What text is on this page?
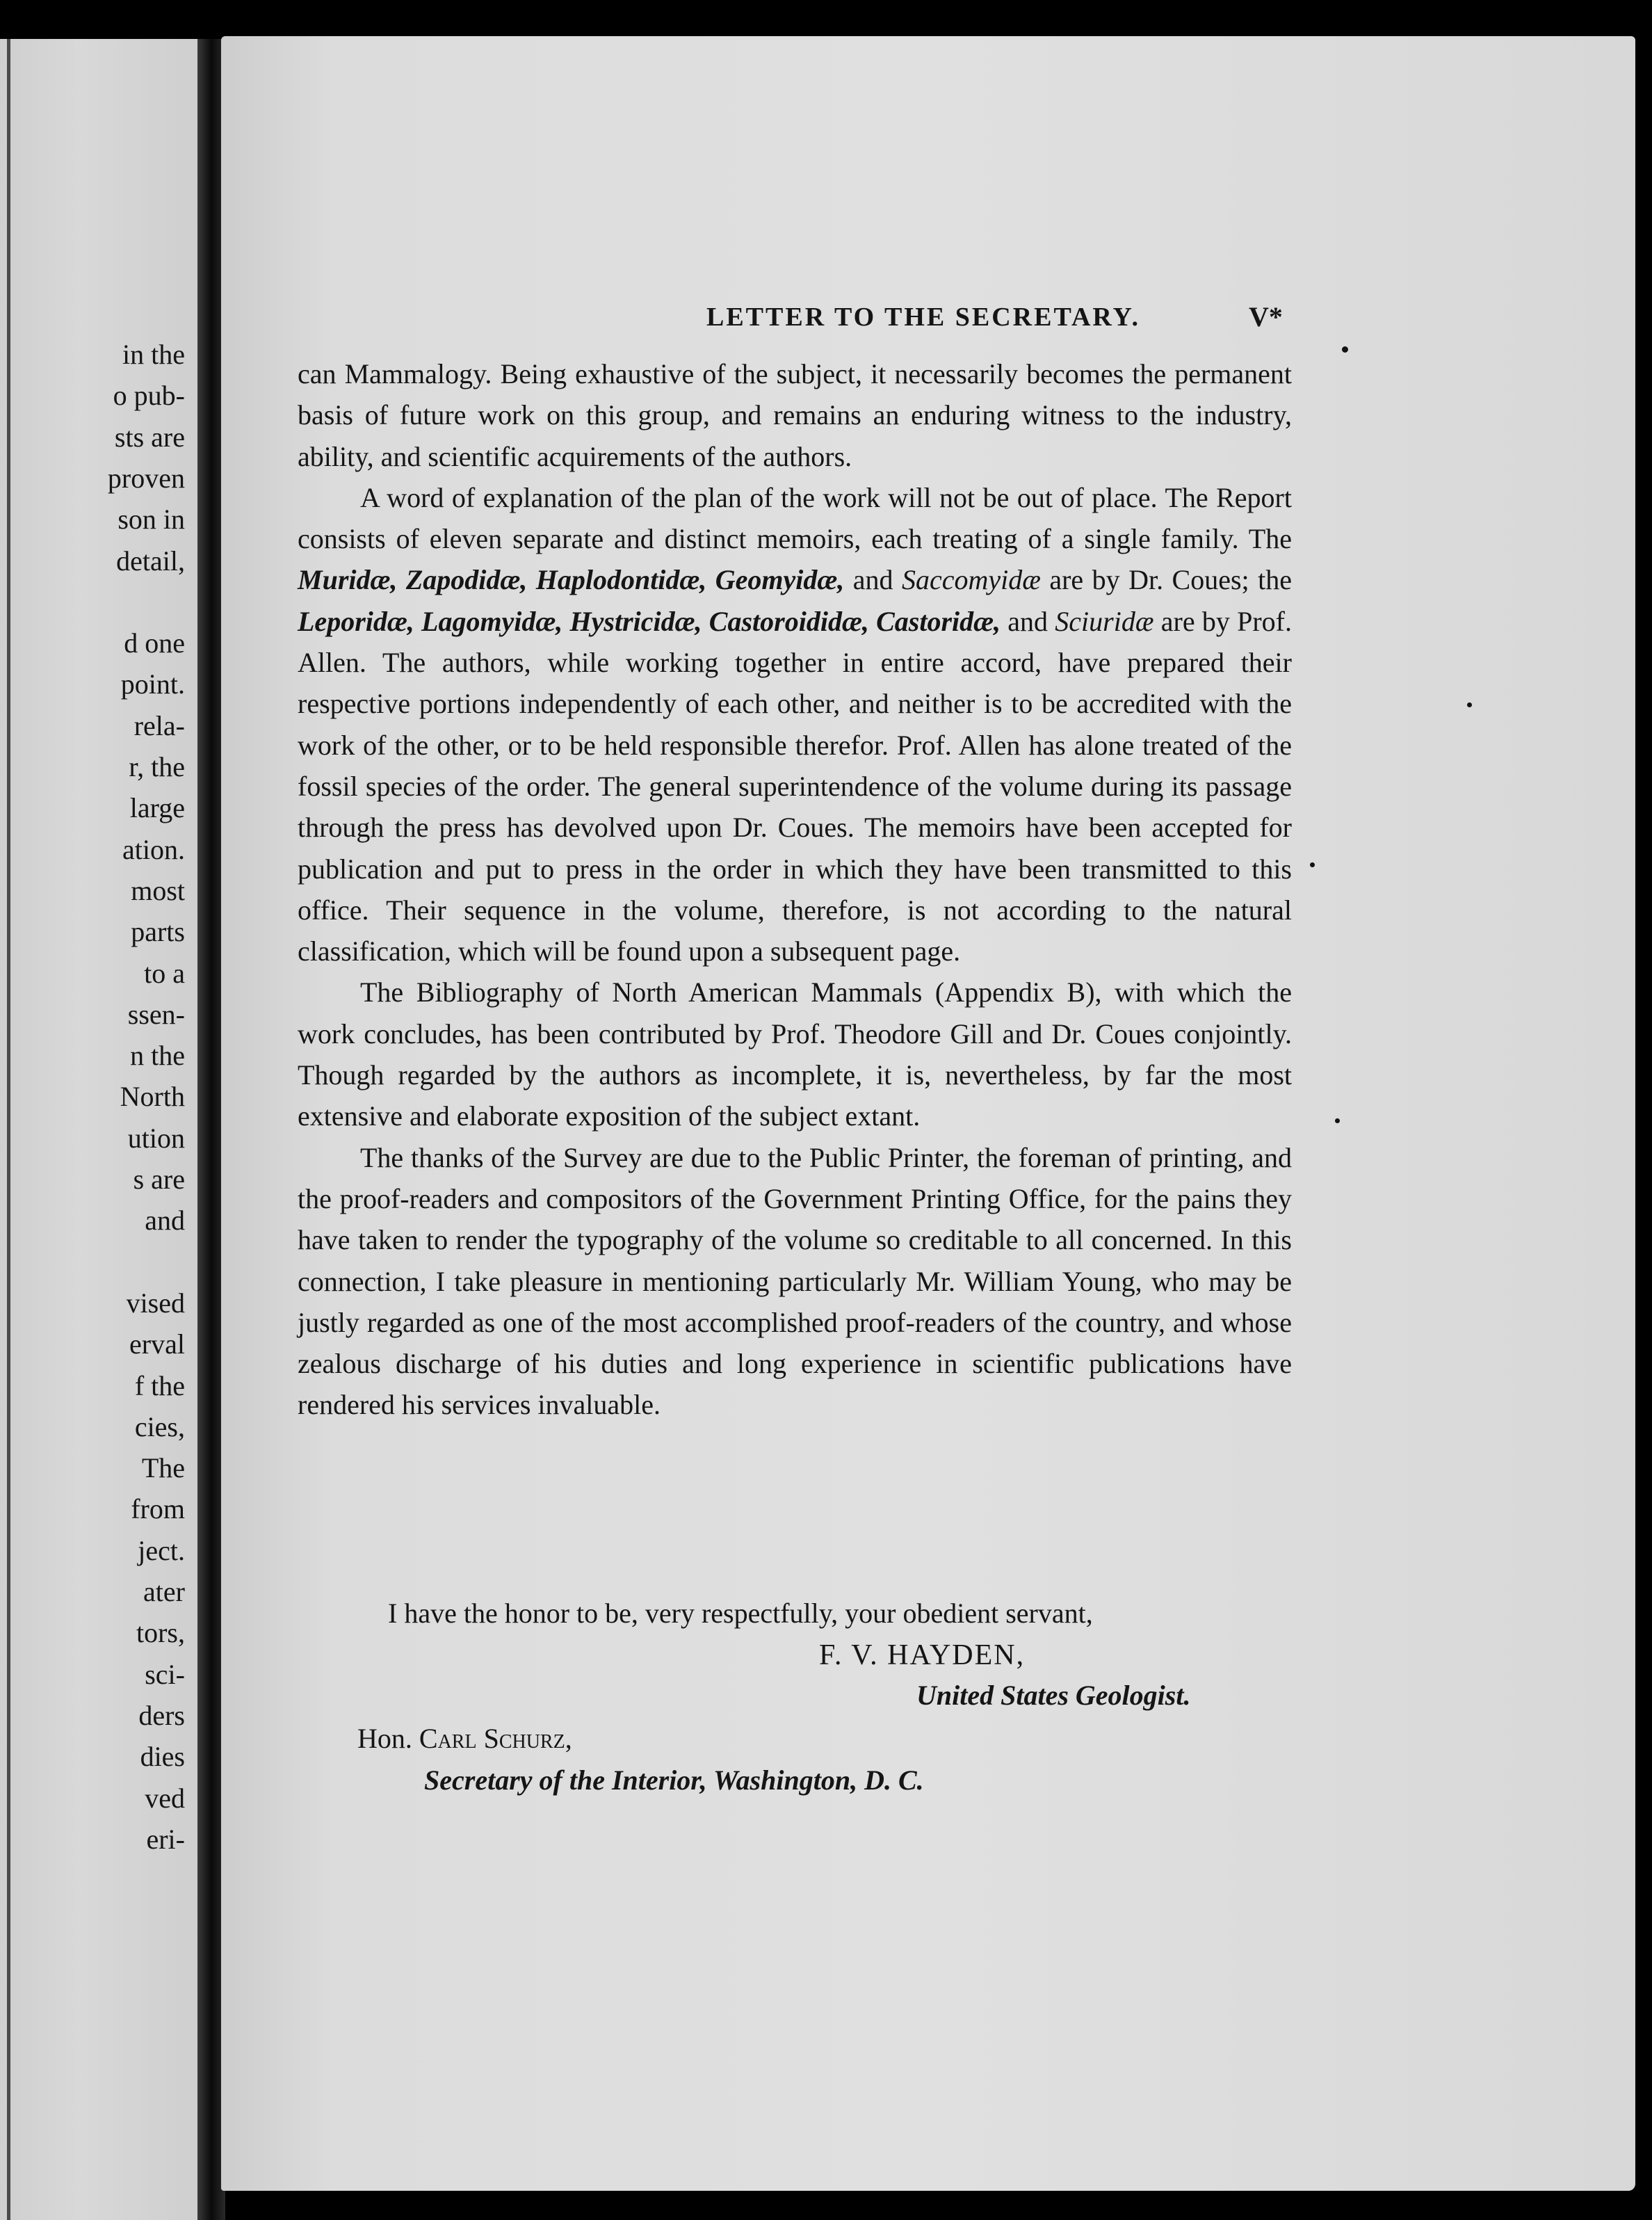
in the
o pub-
sts are
proven
son in
detail,
d one
point.
rela-
r, the
large
ation.
most
parts
to a
ssen-
n the
North
ution
s are
and
vised
erval
f the
cies,
The
from
ject.
ater
tors,
sci-
ders
dies
ved
eri-
LETTER TO THE SECRETARY.	V*

can Mammalogy. Being exhaustive of the subject, it necessarily becomes the permanent basis of future work on this group, and remains an enduring witness to the industry, ability, and scientific acquirements of the authors.

A word of explanation of the plan of the work will not be out of place. The Report consists of eleven separate and distinct memoirs, each treating of a single family. The Muridæ, Zapodidæ, Haplodontidæ, Geomyidæ, and Saccomyidæ are by Dr. Coues; the Leporidæ, Lagomyidæ, Hystricidæ, Castoroididæ, Castoridæ, and Sciuridæ are by Prof. Allen. The authors, while working together in entire accord, have prepared their respective portions independently of each other, and neither is to be accredited with the work of the other, or to be held responsible therefor. Prof. Allen has alone treated of the fossil species of the order. The general superintendence of the volume during its passage through the press has devolved upon Dr. Coues. The memoirs have been accepted for publication and put to press in the order in which they have been transmitted to this office. Their sequence in the volume, therefore, is not according to the natural classification, which will be found upon a subsequent page.

The Bibliography of North American Mammals (Appendix B), with which the work concludes, has been contributed by Prof. Theodore Gill and Dr. Coues conjointly. Though regarded by the authors as incomplete, it is, nevertheless, by far the most extensive and elaborate exposition of the subject extant.

The thanks of the Survey are due to the Public Printer, the foreman of printing, and the proof-readers and compositors of the Government Printing Office, for the pains they have taken to render the typography of the volume so creditable to all concerned. In this connection, I take pleasure in mentioning particularly Mr. William Young, who may be justly regarded as one of the most accomplished proof-readers of the country, and whose zealous discharge of his duties and long experience in scientific publications have rendered his services invaluable.

I have the honor to be, very respectfully, your obedient servant,
F. V. HAYDEN,
United States Geologist.
Hon. Carl Schurz,
Secretary of the Interior, Washington, D. C.
